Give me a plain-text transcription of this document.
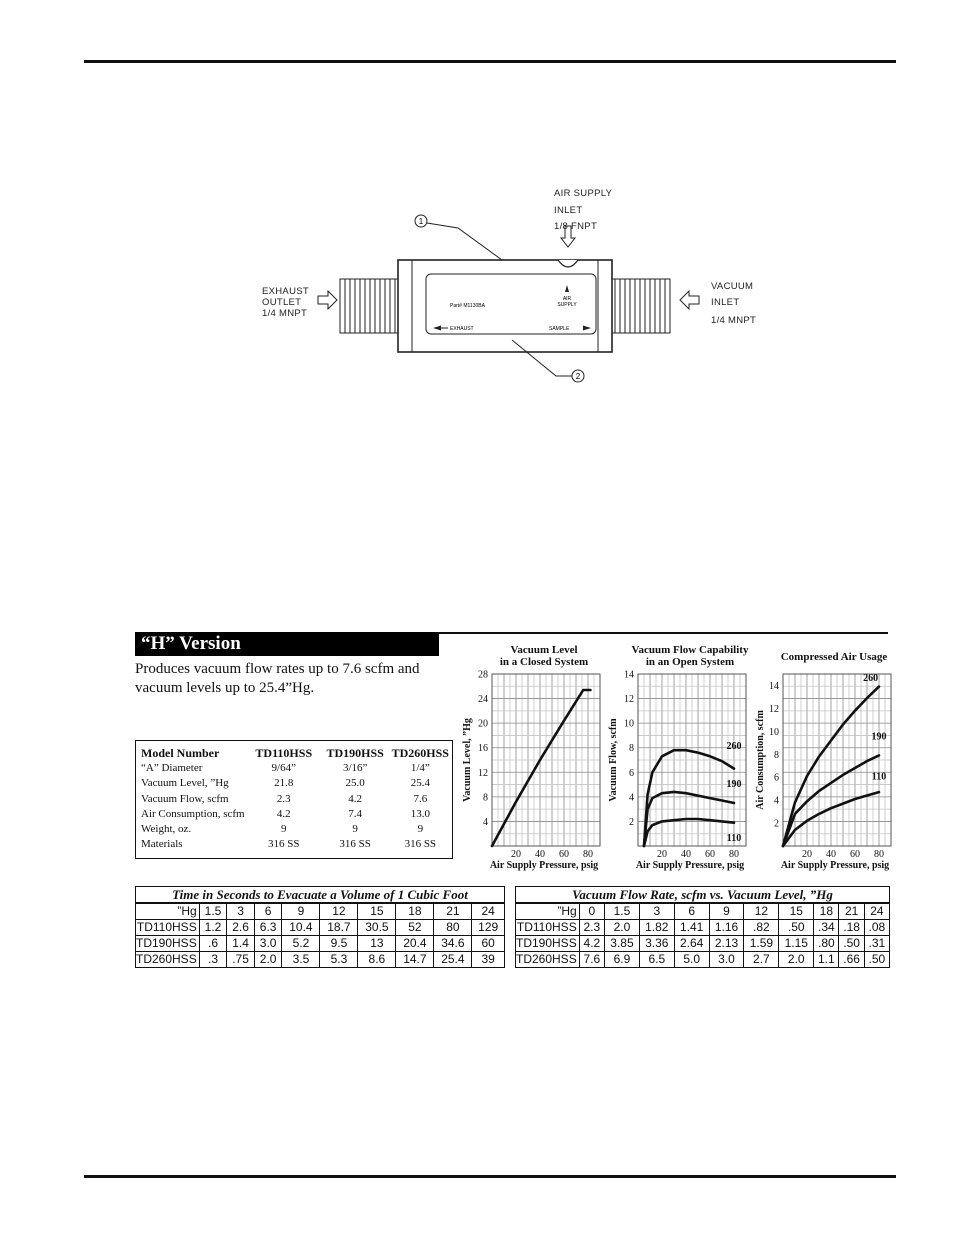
Part# M1130BA
AIR
SUPPLY
EXHAUST	SAMPLE
1
2
AIR SUPPLY
INLET
1/8 FNPT
EXHAUST
OUTLET
1/4 MNPT
VACUUM
INLET
1/4 MNPT
“H” Version
Produces vacuum flow rates up to 7.6 scfm and vacuum levels up to 25.4”Hg.
Model Number	TD110HSS	TD190HSS	TD260HSS
“A” Diameter	9/64”	3/16”	1/4”
Vacuum Level, ”Hg	21.8	25.0	25.4
Vacuum Flow, scfm	2.3	4.2	7.6
Air Consumption, scfm	4.2	7.4	13.0
Weight, oz.	9	9	9
Materials	316 SS	316 SS	316 SS
Vacuum Level
in a Closed System
Vacuum Flow Capability
in an Open System	Compressed Air Usage
20 40 60 80
4
8
12
16
20
24
28
Air Supply Pressure, psig
Vacuum Level, ”Hg
20 40 60 80
2
4
6
8
10
12
14
Air Supply Pressure, psig
Vacuum Flow, scfm	260
190
110
20 40 60 80
2
4
6
8
10
12
14
Air Supply Pressure, psig
Air Consumption, scfm
260
190
110
Time in Seconds to Evacuate a Volume of 1 Cubic Foot
”Hg	1.5	3	6	9	12	15	18	21	24
TD110HSS	1.2	2.6	6.3	10.4	18.7	30.5	52	80	129
TD190HSS	.6	1.4	3.0	5.2	9.5	13	20.4	34.6	60
TD260HSS	.3	.75	2.0	3.5	5.3	8.6	14.7	25.4	39
Vacuum Flow Rate, scfm vs. Vacuum Level, ”Hg
”Hg	0	1.5	3	6	9	12	15	18	21	24
TD110HSS	2.3	2.0	1.82	1.41	1.16	.82	.50	.34	.18	.08
TD190HSS	4.2	3.85	3.36	2.64	2.13	1.59	1.15	.80	.50	.31
TD260HSS	7.6	6.9	6.5	5.0	3.0	2.7	2.0	1.1	.66	.50
